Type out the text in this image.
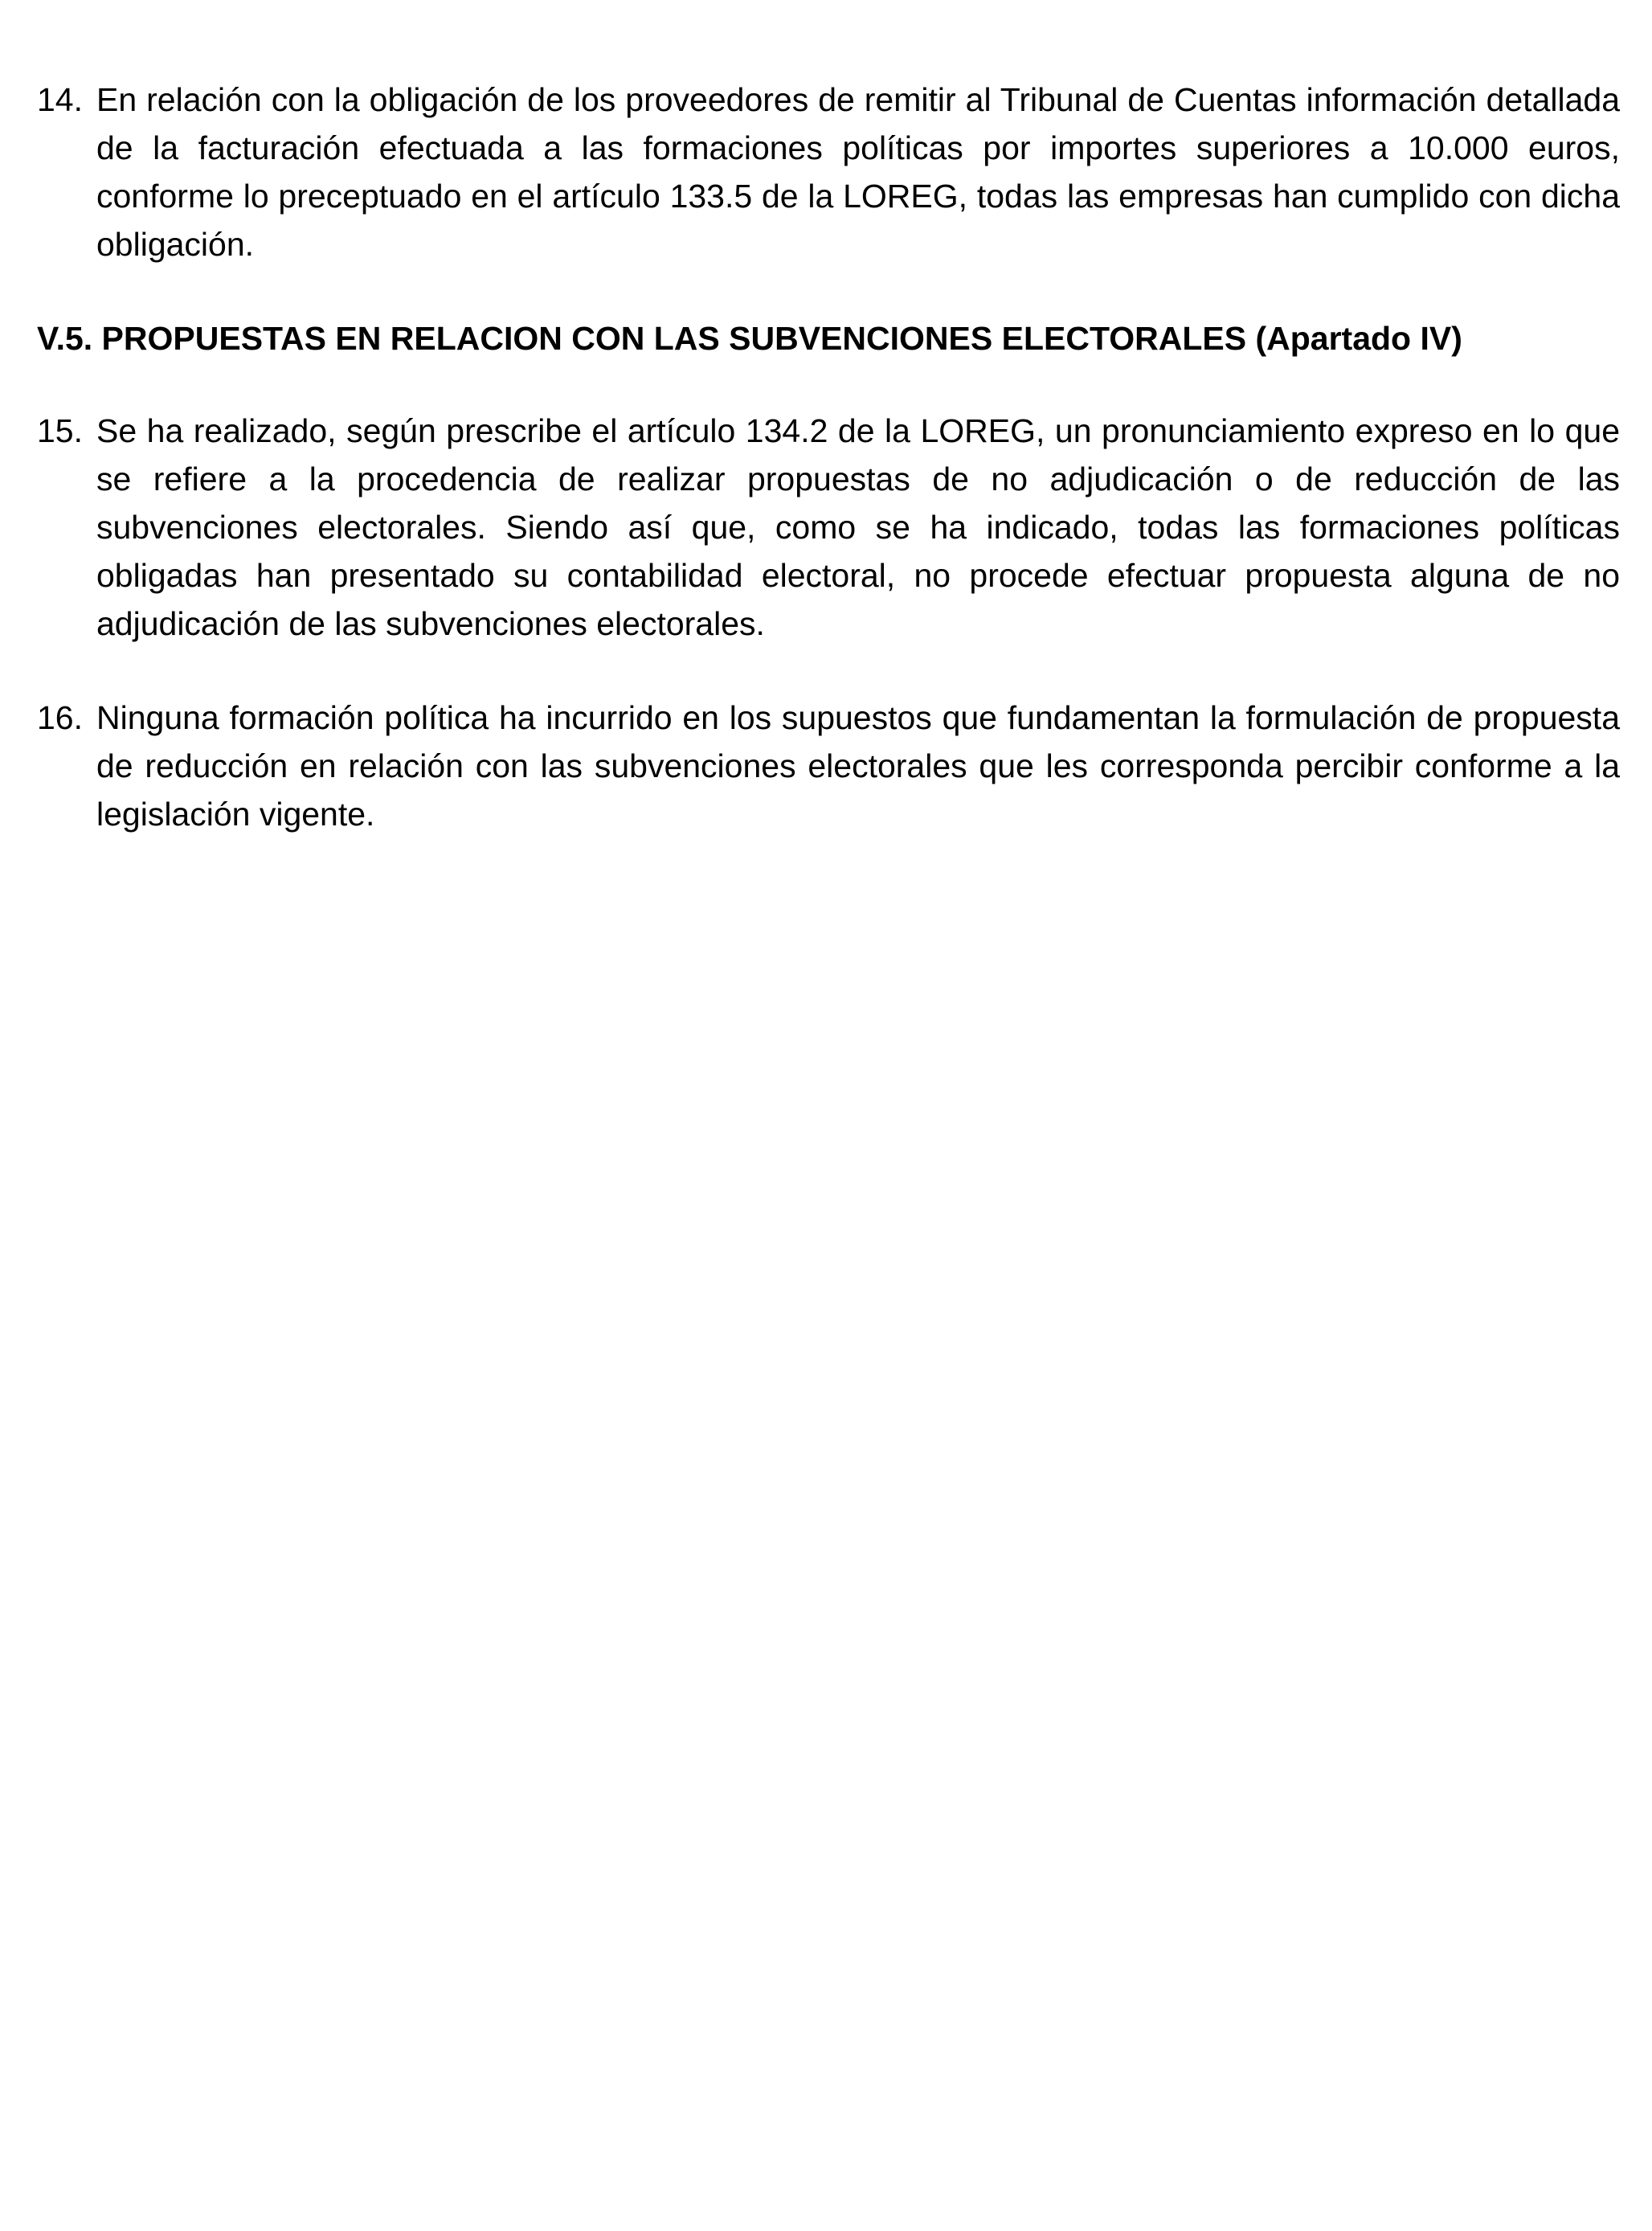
14. En relación con la obligación de los proveedores de remitir al Tribunal de Cuentas información detallada de la facturación efectuada a las formaciones políticas por importes superiores a 10.000 euros, conforme lo preceptuado en el artículo 133.5 de la LOREG, todas las empresas han cumplido con dicha obligación.
V.5. PROPUESTAS EN RELACION CON LAS SUBVENCIONES ELECTORALES (Apartado IV)
15. Se ha realizado, según prescribe el artículo 134.2 de la LOREG, un pronunciamiento expreso en lo que se refiere a la procedencia de realizar propuestas de no adjudicación o de reducción de las subvenciones electorales. Siendo así que, como se ha indicado, todas las formaciones políticas obligadas han presentado su contabilidad electoral, no procede efectuar propuesta alguna de no adjudicación de las subvenciones electorales.
16. Ninguna formación política ha incurrido en los supuestos que fundamentan la formulación de propuesta de reducción en relación con las subvenciones electorales que les corresponda percibir conforme a la legislación vigente.
